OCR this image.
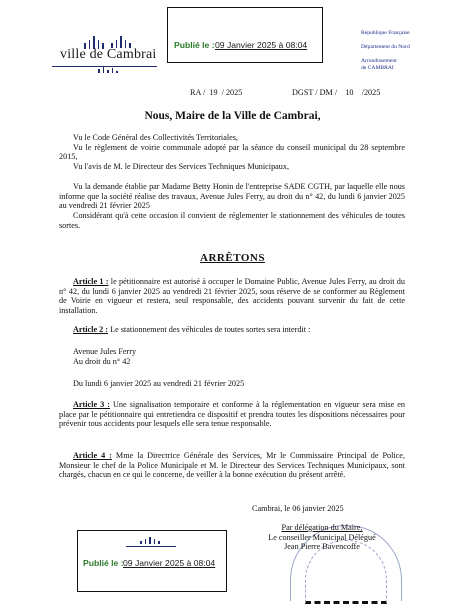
ville de Cambrai
Publié le : 09 Janvier 2025 à 08:04
République Française
Département du Nord
Arrondissement
de CAMBRAI
RA / 19 / 2025	DGST / DM / 10 /2025
Nous, Maire de la Ville de Cambrai,
Vu le Code Général des Collectivités Territoriales,
Vu le règlement de voirie communale adopté par la séance du conseil municipal du 28 septembre 2015,
Vu l'avis de M. le Directeur des Services Techniques Municipaux,
Vu la demande établie par Madame Betty Honin de l'entreprise SADE CGTH, par laquelle elle nous informe que la société réalise des travaux, Avenue Jules Ferry, au droit du n° 42, du lundi 6 janvier 2025 au vendredi 21 février 2025
Considérant qu'à cette occasion il convient de réglementer le stationnement des véhicules de toutes sortes.
ARRÊTONS
Article 1 : le pétitionnaire est autorisé à occuper le Domaine Public, Avenue Jules Ferry, au droit du n° 42, du lundi 6 janvier 2025 au vendredi 21 février 2025, sous réserve de se conformer au Règlement de Voirie en vigueur et restera, seul responsable, des accidents pouvant survenir du fait de cette installation.
Article 2 : Le stationnement des véhicules de toutes sortes sera interdit :
Avenue Jules Ferry
Au droit du n° 42
Du lundi 6 janvier 2025 au vendredi 21 février 2025
Article 3 : Une signalisation temporaire et conforme à la réglementation en vigueur sera mise en place par le pétitionnaire qui entretiendra ce dispositif et prendra toutes les dispositions nécessaires pour prévenir tous accidents pour lesquels elle sera tenue responsable.
Article 4 : Mme la Directrice Générale des Services, Mr le Commissaire Principal de Police, Monsieur le chef de la Police Municipale et M. le Directeur des Services Techniques Municipaux, sont chargés, chacun en ce qui le concerne, de veiller à la bonne exécution du présent arrêté.
Cambrai, le 06 janvier 2025
Par délégation du Maire,
Le conseiller Municipal Délégué
Jean Pierre Bavencoffe
Publié le : 09 Janvier 2025 à 08:04
